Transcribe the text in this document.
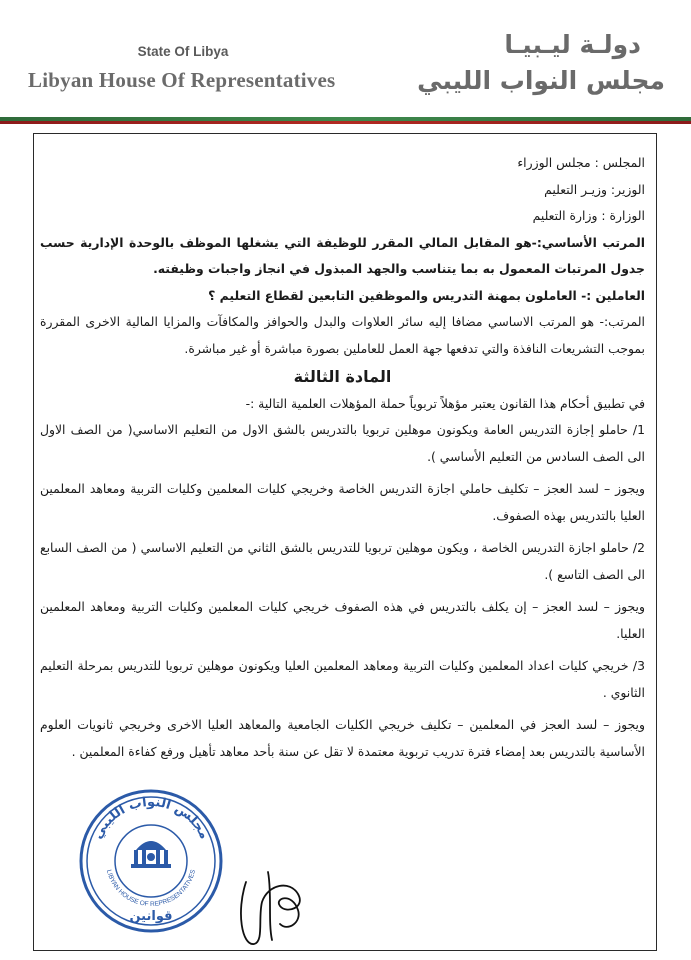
State Of Libya
Libyan House Of Representatives
دولـة ليـبيـا
مجلس النواب الليبي

المجلس : مجلس الوزراء

الوزير: وزيـر التعليم

الوزارة : وزارة التعليم

المرتب الأساسي:-هو المقابل المالي المقرر للوظيفة التي يشغلها الموظف بالوحدة الإدارية حسب جدول المرتبات المعمول به بما يتناسب والجهد المبذول في انجاز واجبات وظيفته.

العاملين :- العاملون بمهنة التدريس والموظفين التابعين لقطاع التعليم ؟

المرتب:- هو المرتب الاساسي مضافا إليه سائر العلاوات والبدل والحوافز والمكافآت والمزايا المالية الاخرى المقررة بموجب التشريعات النافذة والتي تدفعها جهة العمل للعاملين بصورة مباشرة أو غير مباشرة.

المادة الثالثة

في تطبيق أحكام هذا القانون يعتبر مؤهلاً تربوياً حملة المؤهلات العلمية التالية :-

1/ حاملو إجازة التدريس العامة ويكونون موهلين تربويا بالتدريس بالشق الاول من التعليم الاساسي( من الصف الاول الى الصف السادس من التعليم الأساسي ).

ويجوز – لسد العجز – تكليف حاملي اجازة التدريس الخاصة وخريجي كليات المعلمين وكليات التربية ومعاهد المعلمين العليا بالتدريس بهذه الصفوف.

2/ حاملو اجازة التدريس الخاصة ، ويكون موهلين تربويا للتدريس بالشق الثاني من التعليم الاساسي ( من الصف السابع الى الصف التاسع ).

ويجوز – لسد العجز – إن يكلف بالتدريس في هذه الصفوف خريجي كليات المعلمين وكليات التربية ومعاهد المعلمين العليا.

3/ خريجي كليات اعداد المعلمين وكليات التربية ومعاهد المعلمين العليا ويكونون موهلين تربويا للتدريس بمرحلة التعليم الثانوي .

ويجوز – لسد العجز في المعلمين – تكليف خريجي الكليات الجامعية والمعاهد العليا الاخرى وخريجي ثانويات العلوم الأساسية بالتدريس بعد إمضاء فترة تدريب تربوية معتمدة لا تقل عن سنة بأحد معاهد تأهيل ورفع كفاءة المعلمين .

مجلس النواب الليبي
LIBYAN HOUSE OF REPRESENTATIVES
قوانين
